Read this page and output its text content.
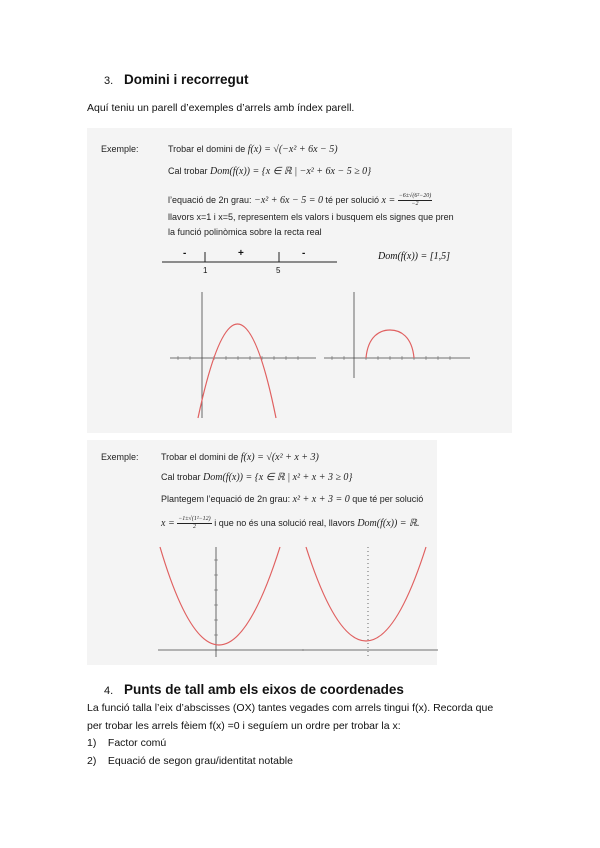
3. Domini i recorregut
Aquí teniu un parell d’exemples d’arrels amb índex parell.
Exemple:	Trobar el domini de f(x) = √(−x² + 6x − 5)
Cal trobar Dom(f(x)) = {x ∈ ℝ | −x² + 6x − 5 ≥ 0}
l’equació de 2n grau: −x² + 6x − 5 = 0 té per solució $x = \frac{\text{−6±√(6²−20)}}{-2}$
llavors x=1 i x=5, representem els valors i busquem els signes que pren
la funció polinòmica sobre la recta real
-	+	-
1	5
Dom(f(x)) = [1,5]
Exemple: Trobar el domini de f(x) = √(x² + x + 3)
Cal trobar Dom(f(x)) = {x ∈ ℝ | x² + x + 3 ≥ 0}
Plantegem l’equació de 2n grau: x² + x + 3 = 0 que té per solució
$x = \frac{\text{−1±√(1²−12)}}{2}$ i que no és una solució real, llavors Dom(f(x)) = ℝ.
4. Punts de tall amb els eixos de coordenades
La funció talla l’eix d’abscisses (OX) tantes vegades com arrels tingui f(x). Recorda que
per trobar les arrels fèiem f(x) =0 i seguíem un ordre per trobar la x:
1) Factor comú
2) Equació de segon grau/identitat notable
